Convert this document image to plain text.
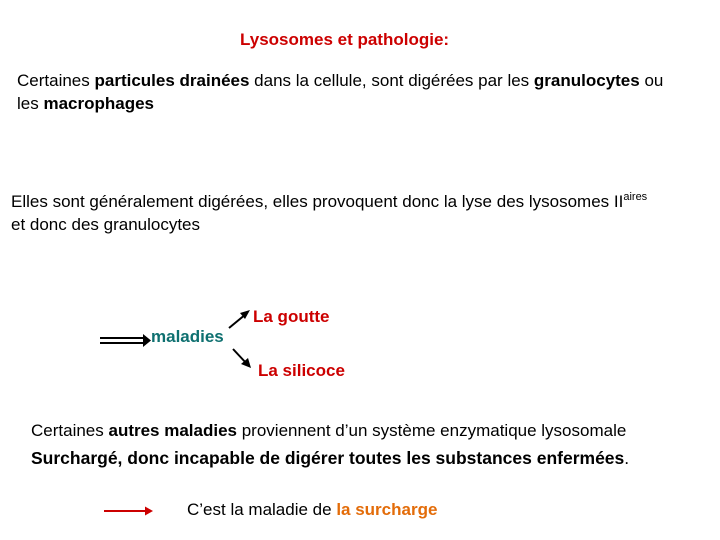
Lysosomes et pathologie:
Certaines particules drainées dans la cellule, sont digérées par les granulocytes ou
les macrophages
Elles sont généralement digérées, elles provoquent donc la lyse des lysosomes $II^{aires}$
et donc des granulocytes
maladies
La goutte
La silicoce
Certaines autres maladies proviennent d’un système enzymatique lysosomale
Surchargé, donc incapable de digérer toutes les substances enfermées.
C’est la maladie de la surcharge
